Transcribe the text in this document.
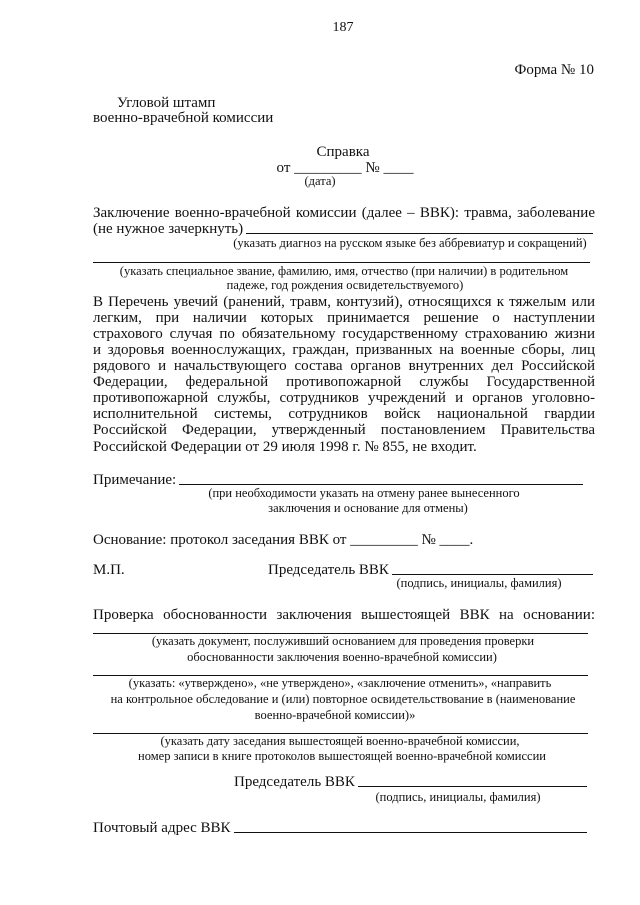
187
Форма № 10
Угловой штамп
военно-врачебной комиссии
Справка
от _________ № ____
(дата)
Заключение военно-врачебной комиссии (далее – ВВК): травма, заболевание
(не нужное зачеркнуть)
(указать диагноз на русском языке без аббревиатур и сокращений)
(указать специальное звание, фамилию, имя, отчество (при наличии) в родительном
падеже, год рождения освидетельствуемого)
В Перечень увечий (ранений, травм, контузий), относящихся к тяжелым или
легким, при наличии которых принимается решение о наступлении
страхового случая по обязательному государственному страхованию жизни
и здоровья военнослужащих, граждан, призванных на военные сборы, лиц
рядового и начальствующего состава органов внутренних дел Российской
Федерации, федеральной противопожарной службы Государственной
противопожарной службы, сотрудников учреждений и органов уголовно-
исполнительной системы, сотрудников войск национальной гвардии
Российской Федерации, утвержденный постановлением Правительства
Российской Федерации от 29 июля 1998 г. № 855, не входит.
Примечание:
(при необходимости указать на отмену ранее вынесенного
заключения и основание для отмены)
Основание: протокол заседания ВВК от _________ № ____.
М.П.	Председатель ВВК
(подпись, инициалы, фамилия)
Проверка обоснованности заключения вышестоящей ВВК на основании:
(указать документ, послуживший основанием для проведения проверки
обоснованности заключения военно-врачебной комиссии)
(указать: «утверждено», «не утверждено», «заключение отменить», «направить
на контрольное обследование и (или) повторное освидетельствование в (наименование
военно-врачебной комиссии)»
(указать дату заседания вышестоящей военно-врачебной комиссии,
номер записи в книге протоколов вышестоящей военно-врачебной комиссии
Председатель ВВК
(подпись, инициалы, фамилия)
Почтовый адрес ВВК
